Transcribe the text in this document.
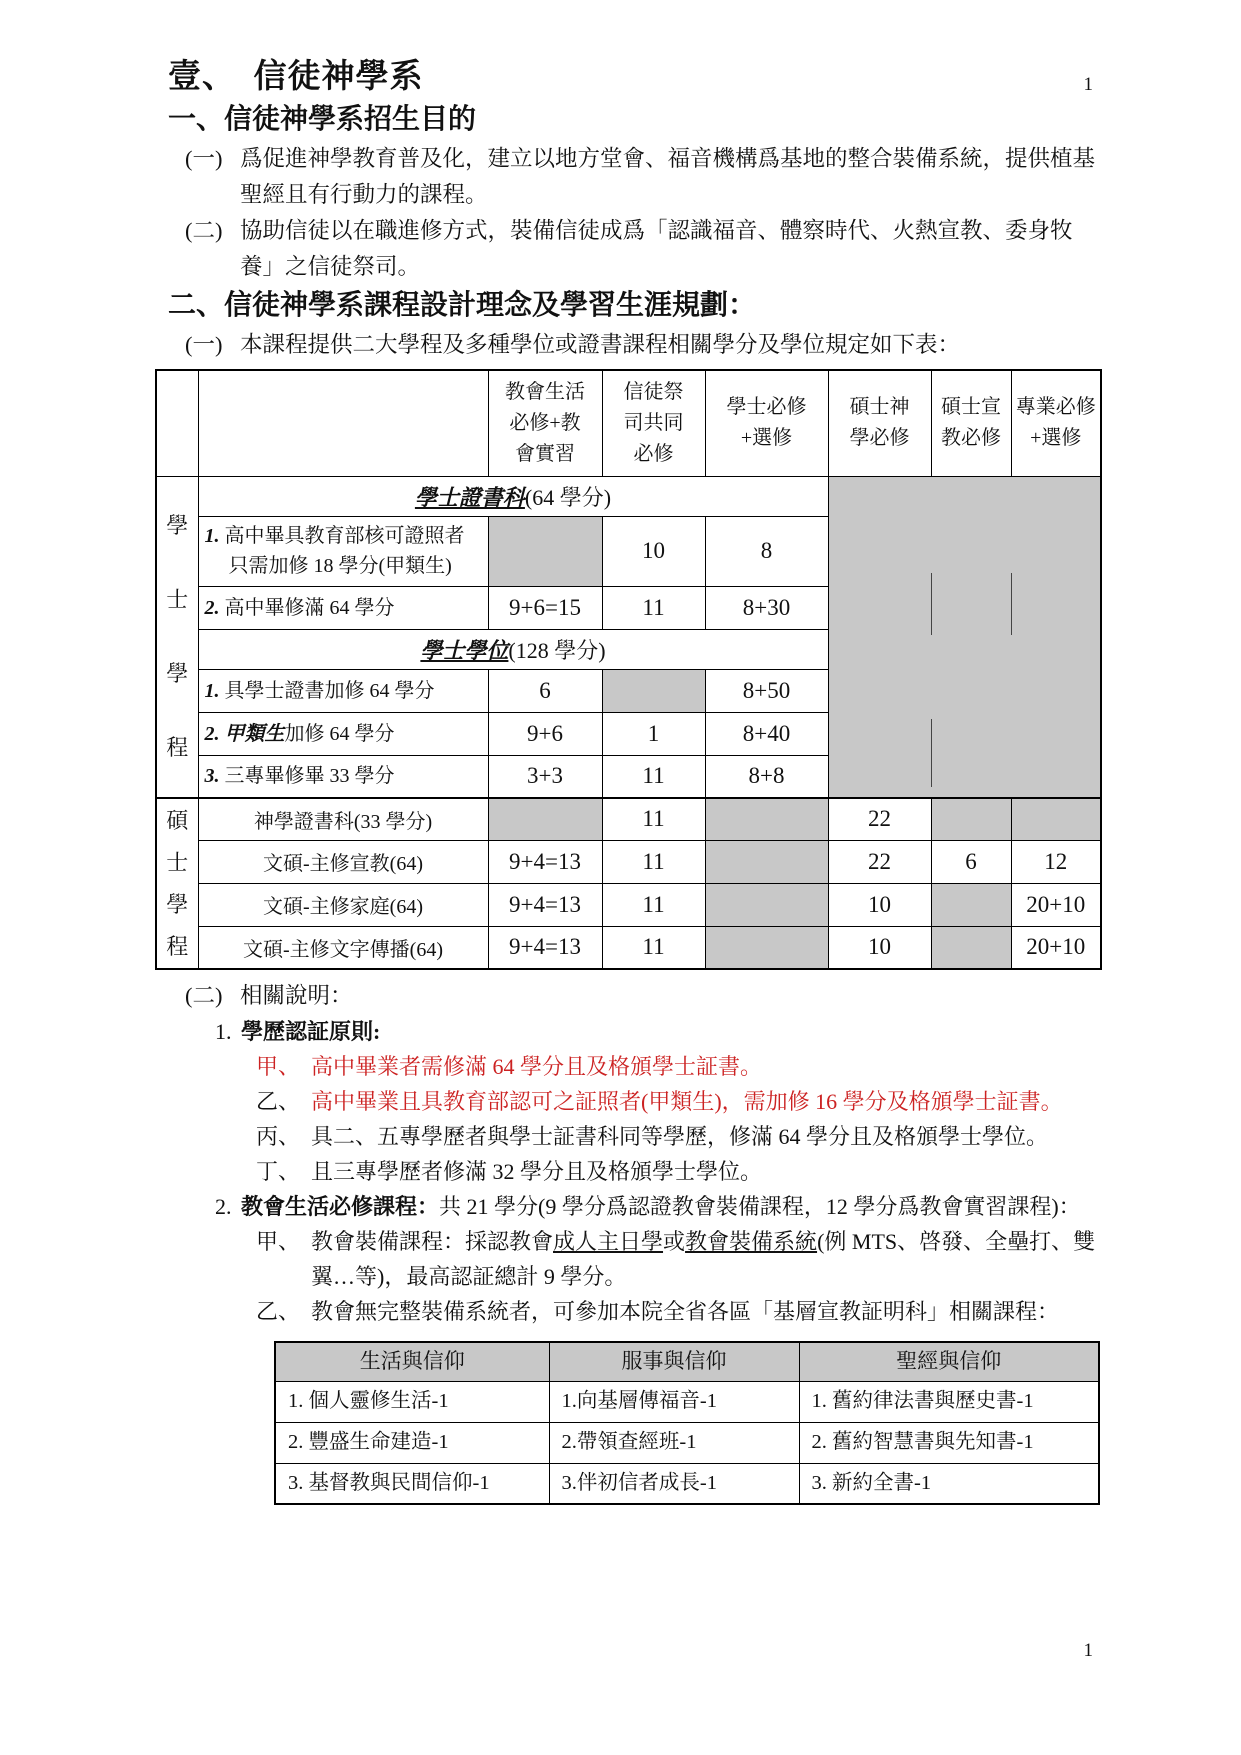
1
壹、　信徒神學系
一、信徒神學系招生目的
(一) 爲促進神學教育普及化，建立以地方堂會、福音機構爲基地的整合裝備系統，提供植基聖經且有行動力的課程。
(二) 協助信徒以在職進修方式，裝備信徒成爲「認識福音、體察時代、火熱宣教、委身牧養」之信徒祭司。
二、信徒神學系課程設計理念及學習生涯規劃：
(一) 本課程提供二大學程及多種學位或證書課程相關學分及學位規定如下表：
		教會生活必修+教會實習	信徒祭司共同必修	學士必修+選修	碩士神學必修	碩士宣教必修	專業必修+選修

學士學程	學士證書科(64 學分)						

	1. 高中畢具教育部核可證照者只需加修 18 學分(甲類生)		10	8			
	2. 高中畢修滿 64 學分	9+6=15	11	8+30			
	學士學位(128 學分)						
	1. 具學士證書加修 64 學分	6		8+50			
	2. 甲類生加修 64 學分	9+6	1	8+40			
	3. 三專畢修畢 33 學分	3+3	11	8+8			

碩士學程	神學證書科(33 學分)		11		22		
	文碩-主修宣教(64)	9+4=13	11		22	6	12
	文碩-主修家庭(64)	9+4=13	11		10		20+10
	文碩-主修文字傳播(64)	9+4=13	11		10		20+10
(二) 相關說明：
1. 學歷認証原則:
甲、 高中畢業者需修滿 64 學分且及格頒學士証書。
乙、 高中畢業且具教育部認可之証照者(甲類生)，需加修 16 學分及格頒學士証書。
丙、 具二、五專學歷者與學士証書科同等學歷，修滿 64 學分且及格頒學士學位。
丁、 且三專學歷者修滿 32 學分且及格頒學士學位。
2. 教會生活必修課程：共 21 學分(9 學分爲認證教會裝備課程，12 學分爲教會實習課程)：
甲、 教會裝備課程：採認教會成人主日學或教會裝備系統(例 MTS、啓發、全壘打、雙翼…等)，最高認証總計 9 學分。
乙、 教會無完整裝備系統者，可參加本院全省各區「基層宣教証明科」相關課程：
生活與信仰	服事與信仰	聖經與信仰
1. 個人靈修生活-1	1.向基層傳福音-1	1. 舊約律法書與歷史書-1
2. 豐盛生命建造-1	2.帶領查經班-1	2. 舊約智慧書與先知書-1
3. 基督教與民間信仰-1	3.伴初信者成長-1	3. 新約全書-1
1
